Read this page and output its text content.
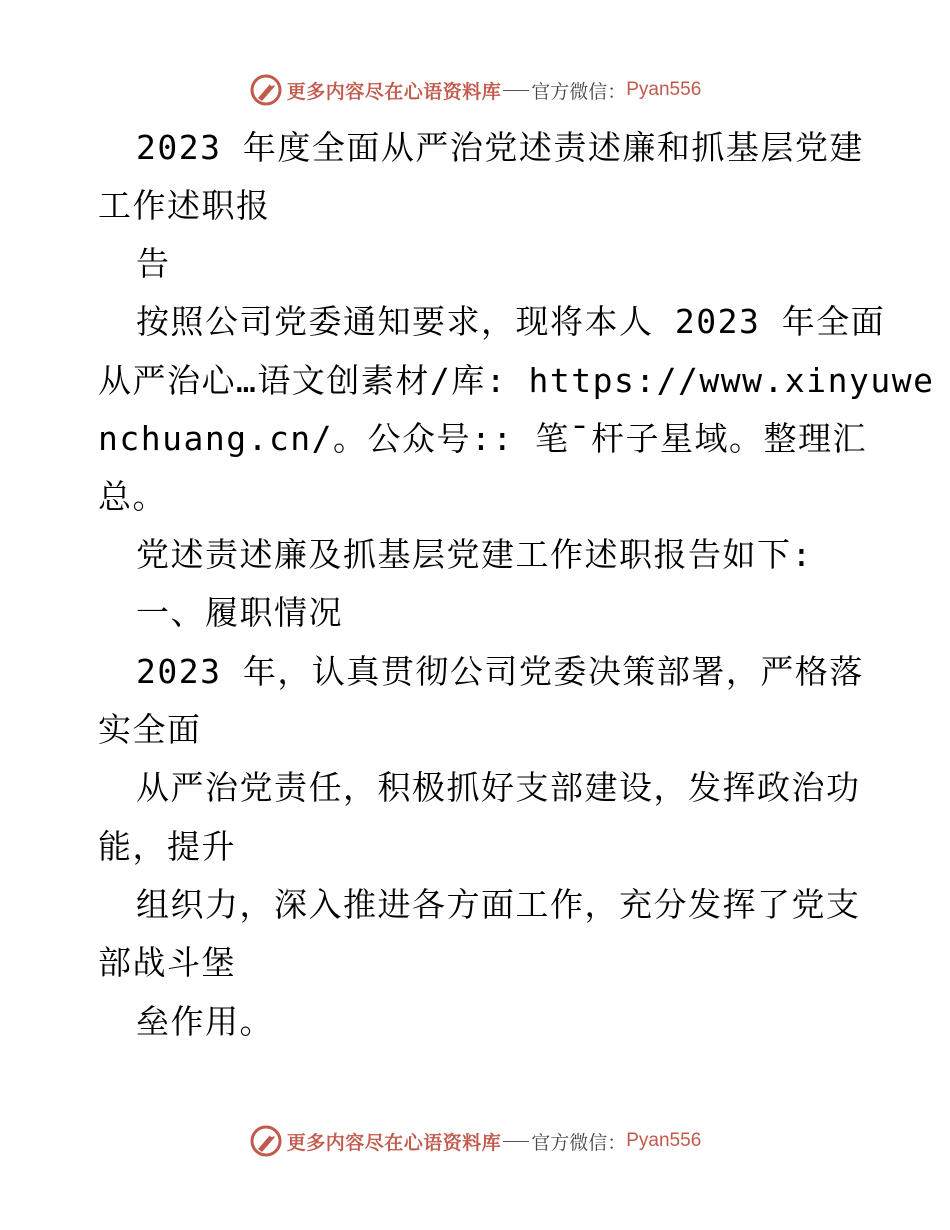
更多内容尽在心语资料库 官方微信： Pyan556
2023 年度全面从严治党述责述廉和抓基层党建
工作述职报
告
按照公司党委通知要求，现将本人 2023 年全面
从严治心…语文创素材/库: https://www.xinyuwe
nchuang.cn/。公众号:: 笔¯杆子星域。整理汇
总。
党述责述廉及抓基层党建工作述职报告如下:
一、履职情况
2023 年，认真贯彻公司党委决策部署，严格落
实全面
从严治党责任，积极抓好支部建设，发挥政治功
能，提升
组织力，深入推进各方面工作，充分发挥了党支
部战斗堡
垒作用。
更多内容尽在心语资料库 官方微信： Pyan556
